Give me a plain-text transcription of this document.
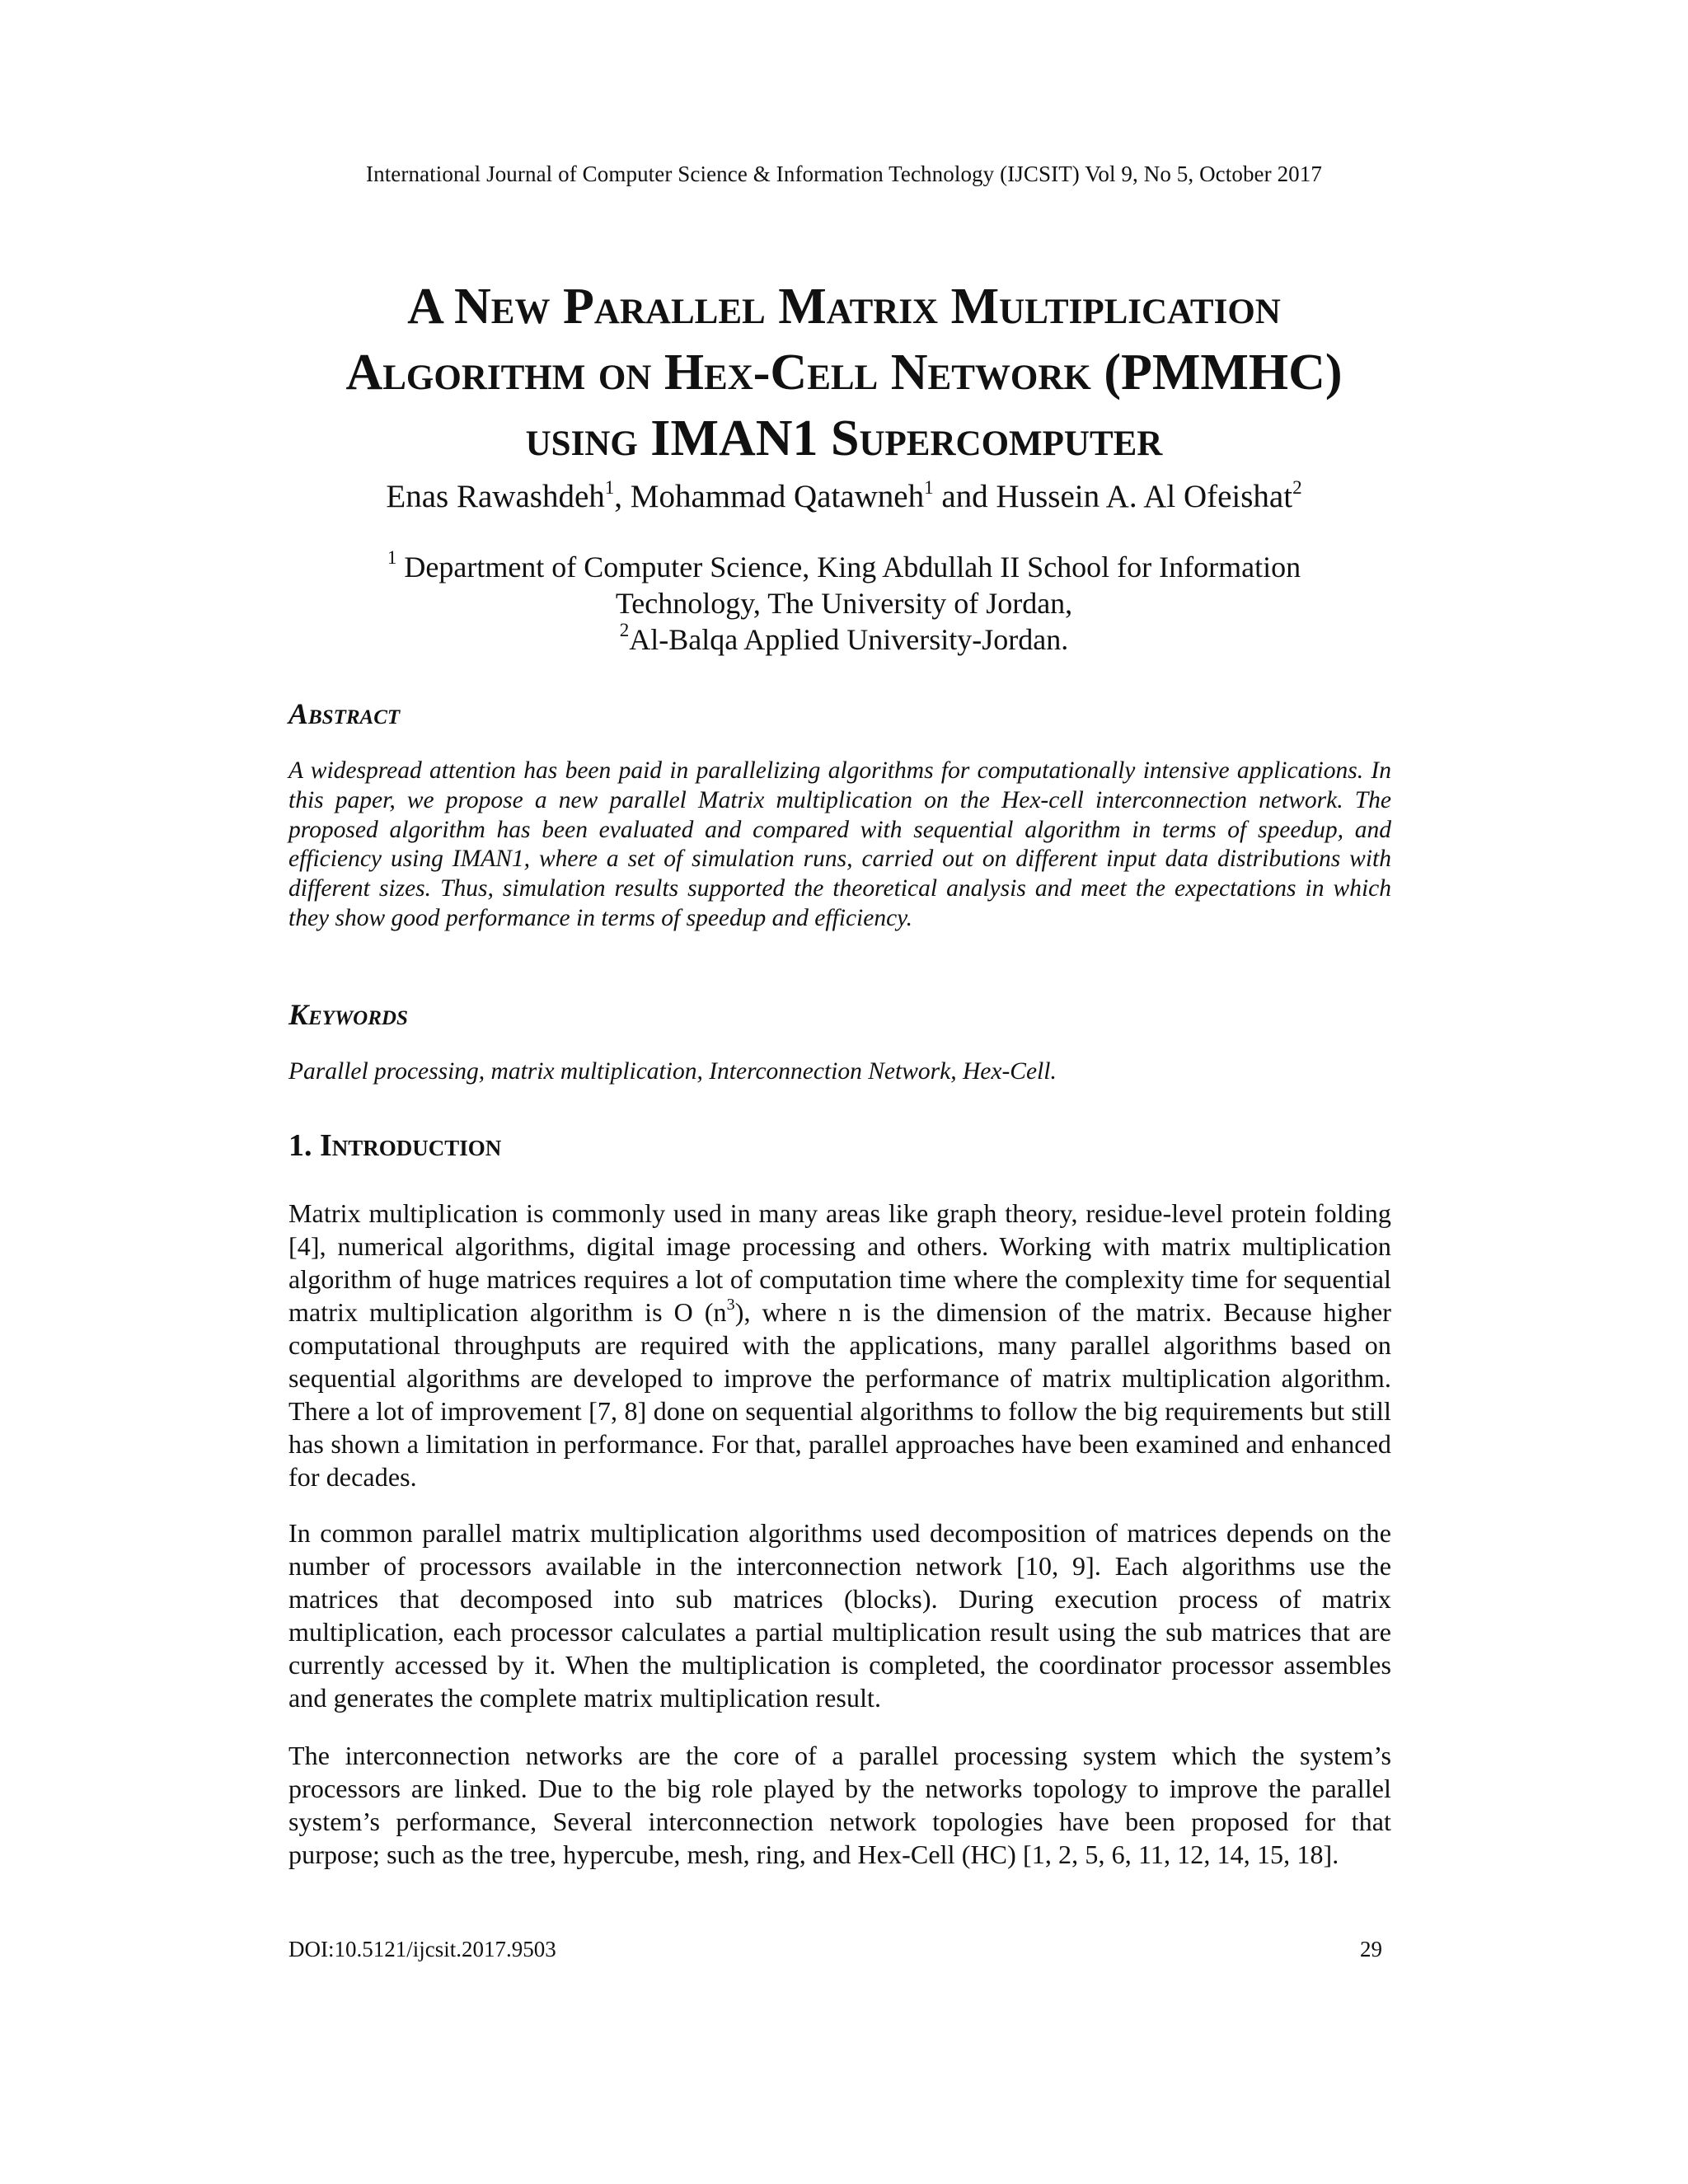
International Journal of Computer Science & Information Technology (IJCSIT) Vol 9, No 5, October 2017
A New Parallel Matrix Multiplication
Algorithm on Hex-Cell Network (PMMHC)
using IMAN1 Supercomputer
Enas Rawashdeh$^1$, Mohammad Qatawneh$^1$ and Hussein A. Al Ofeishat$^2$
$^1$ Department of Computer Science, King Abdullah II School for Information
Technology, The University of Jordan,
$^2$Al-Balqa Applied University-Jordan.
Abstract
A widespread attention has been paid in parallelizing algorithms for computationally intensive applications. In this paper, we propose a new parallel Matrix multiplication on the Hex-cell interconnection network. The proposed algorithm has been evaluated and compared with sequential algorithm in terms of speedup, and efficiency using IMAN1, where a set of simulation runs, carried out on different input data distributions with different sizes. Thus, simulation results supported the theoretical analysis and meet the expectations in which they show good performance in terms of speedup and efficiency.
Keywords
Parallel processing, matrix multiplication, Interconnection Network, Hex-Cell.
1. Introduction
Matrix multiplication is commonly used in many areas like graph theory, residue-level protein folding [4], numerical algorithms, digital image processing and others. Working with matrix multiplication algorithm of huge matrices requires a lot of computation time where the complexity time for sequential matrix multiplication algorithm is O $(n^3)$, where n is the dimension of the matrix. Because higher computational throughputs are required with the applications, many parallel algorithms based on sequential algorithms are developed to improve the performance of matrix multiplication algorithm. There a lot of improvement [7, 8] done on sequential algorithms to follow the big requirements but still has shown a limitation in performance. For that, parallel approaches have been examined and enhanced for decades.
In common parallel matrix multiplication algorithms used decomposition of matrices depends on the number of processors available in the interconnection network [10, 9]. Each algorithms use the matrices that decomposed into sub matrices (blocks). During execution process of matrix multiplication, each processor calculates a partial multiplication result using the sub matrices that are currently accessed by it. When the multiplication is completed, the coordinator processor assembles and generates the complete matrix multiplication result.
The interconnection networks are the core of a parallel processing system which the system’s processors are linked. Due to the big role played by the networks topology to improve the parallel system’s performance, Several interconnection network topologies have been proposed for that purpose; such as the tree, hypercube, mesh, ring, and Hex-Cell (HC) [1, 2, 5, 6, 11, 12, 14, 15, 18].
DOI:10.5121/ijcsit.2017.9503	29
